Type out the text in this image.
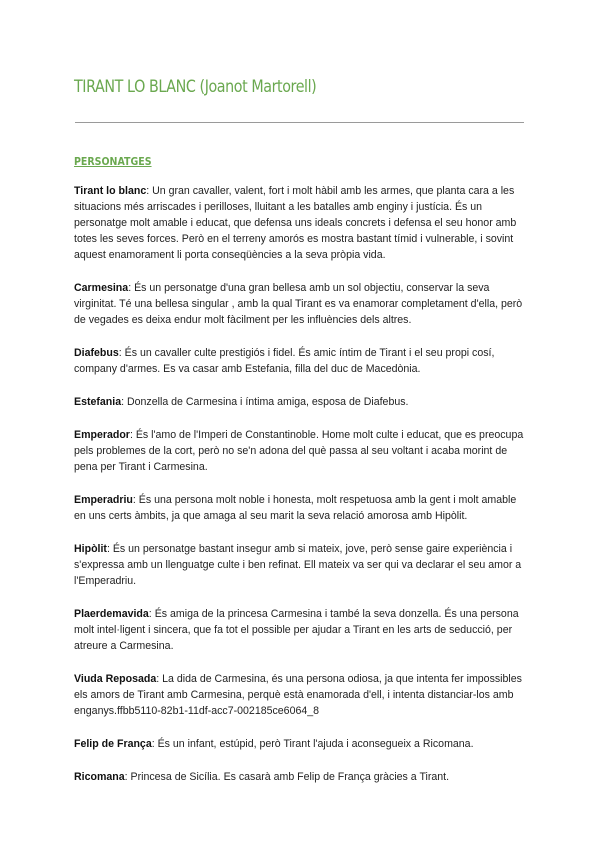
TIRANT LO BLANC (Joanot Martorell)
PERSONATGES

Tirant lo blanc: Un gran cavaller, valent, fort i molt hàbil amb les armes, que planta cara a les situacions més arriscades i perilloses, lluitant a les batalles amb enginy i justícia. És un personatge molt amable i educat, que defensa uns ideals concrets i defensa el seu honor amb totes les seves forces. Però en el terreny amorós es mostra bastant tímid i vulnerable, i sovint aquest enamorament li porta conseqüències a la seva pròpia vida.

Carmesina: És un personatge d'una gran bellesa amb un sol objectiu, conservar la seva virginitat. Té una bellesa singular , amb la qual Tirant es va enamorar completament d'ella, però de vegades es deixa endur molt fàcilment per les influències dels altres.

Diafebus: És un cavaller culte prestigiós i fidel. És amic íntim de Tirant i el seu propi cosí, company d'armes. Es va casar amb Estefania, filla del duc de Macedònia.

Estefania: Donzella de Carmesina i íntima amiga, esposa de Diafebus.

Emperador: És l'amo de l'Imperi de Constantinoble. Home molt culte i educat, que es preocupa pels problemes de la cort, però no se'n adona del què passa al seu voltant i acaba morint de pena per Tirant i Carmesina.

Emperadriu: És una persona molt noble i honesta, molt respetuosa amb la gent i molt amable en uns certs àmbits, ja que amaga al seu marit la seva relació amorosa amb Hipòlit.

Hipòlit: És un personatge bastant insegur amb si mateix, jove, però sense gaire experiència i s'expressa amb un llenguatge culte i ben refinat. Ell mateix va ser qui va declarar el seu amor a l'Emperadriu.

Plaerdemavida: És amiga de la princesa Carmesina i també la seva donzella. És una persona molt intel·ligent i sincera, que fa tot el possible per ajudar a Tirant en les arts de seducció, per atreure a Carmesina.

Viuda Reposada: La dida de Carmesina, és una persona odiosa, ja que intenta fer impossibles els amors de Tirant amb Carmesina, perquè està enamorada d'ell, i intenta distanciar-los amb enganys.ffbb5110-82b1-11df-acc7-002185ce6064_8

Felip de França: És un infant, estúpid, però Tirant l'ajuda i aconsegueix a Ricomana.

Ricomana: Princesa de Sicília. Es casarà amb Felip de França gràcies a Tirant.
